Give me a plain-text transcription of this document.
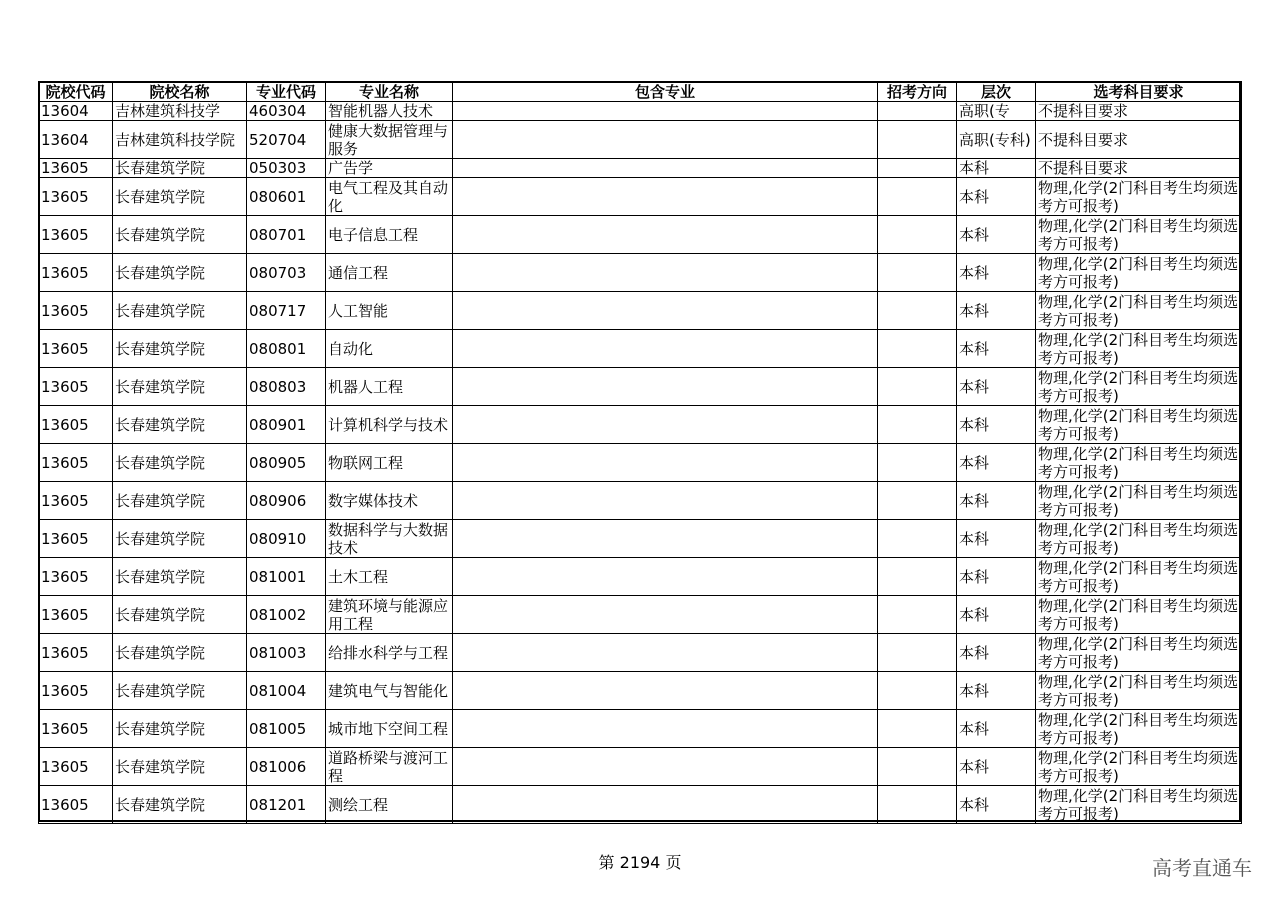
院校代码	院校名称	专业代码	专业名称	包含专业	招考方向	层次	选考科目要求
13604	吉林建筑科技学	460304	智能机器人技术			高职(专	不提科目要求
13604	吉林建筑科技学院	520704	健康大数据管理与服务			高职(专科)	不提科目要求
13605	长春建筑学院	050303	广告学			本科	不提科目要求
13605	长春建筑学院	080601	电气工程及其自动化			本科	物理,化学(2门科目考生均须选考方可报考)
13605	长春建筑学院	080701	电子信息工程			本科	物理,化学(2门科目考生均须选考方可报考)
13605	长春建筑学院	080703	通信工程			本科	物理,化学(2门科目考生均须选考方可报考)
13605	长春建筑学院	080717	人工智能			本科	物理,化学(2门科目考生均须选考方可报考)
13605	长春建筑学院	080801	自动化			本科	物理,化学(2门科目考生均须选考方可报考)
13605	长春建筑学院	080803	机器人工程			本科	物理,化学(2门科目考生均须选考方可报考)
13605	长春建筑学院	080901	计算机科学与技术			本科	物理,化学(2门科目考生均须选考方可报考)
13605	长春建筑学院	080905	物联网工程			本科	物理,化学(2门科目考生均须选考方可报考)
13605	长春建筑学院	080906	数字媒体技术			本科	物理,化学(2门科目考生均须选考方可报考)
13605	长春建筑学院	080910	数据科学与大数据技术			本科	物理,化学(2门科目考生均须选考方可报考)
13605	长春建筑学院	081001	土木工程			本科	物理,化学(2门科目考生均须选考方可报考)
13605	长春建筑学院	081002	建筑环境与能源应用工程			本科	物理,化学(2门科目考生均须选考方可报考)
13605	长春建筑学院	081003	给排水科学与工程			本科	物理,化学(2门科目考生均须选考方可报考)
13605	长春建筑学院	081004	建筑电气与智能化			本科	物理,化学(2门科目考生均须选考方可报考)
13605	长春建筑学院	081005	城市地下空间工程			本科	物理,化学(2门科目考生均须选考方可报考)
13605	长春建筑学院	081006	道路桥梁与渡河工程			本科	物理,化学(2门科目考生均须选考方可报考)
13605	长春建筑学院	081201	测绘工程			本科	物理,化学(2门科目考生均须选考方可报考)
第 2194 页	高考直通车
